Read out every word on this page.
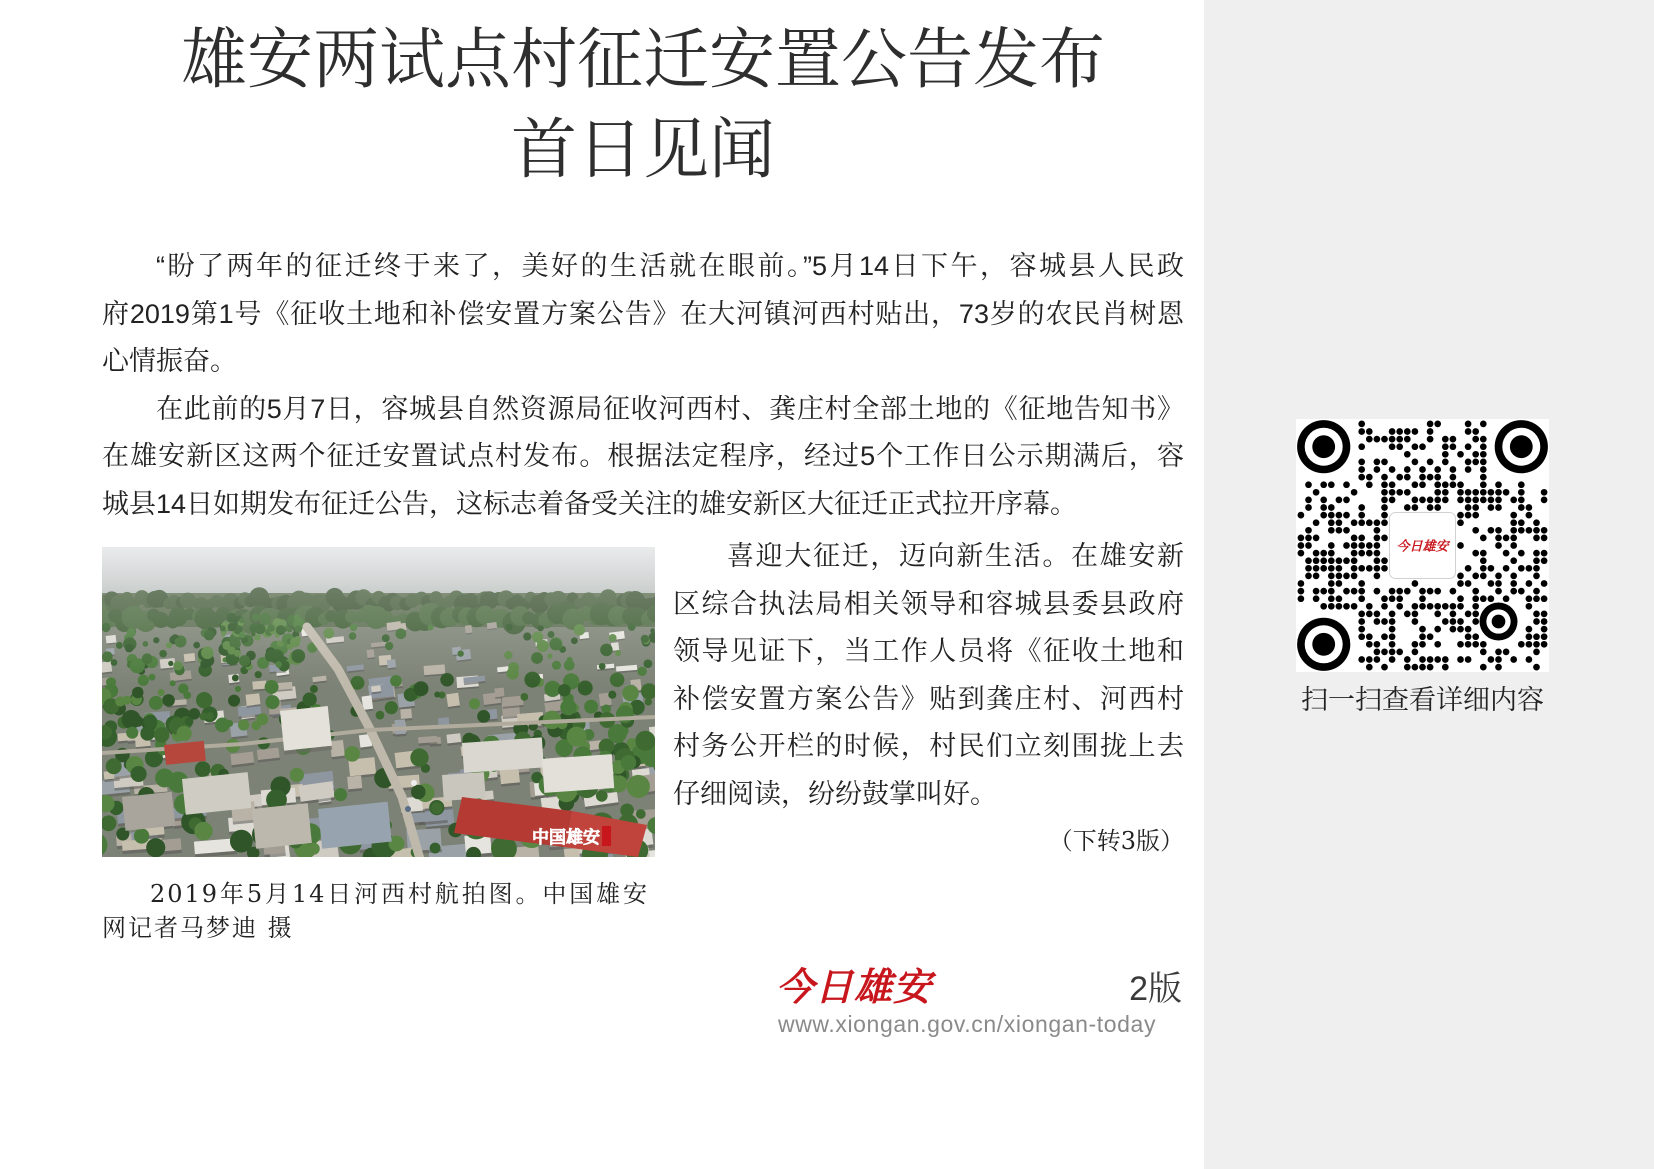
雄安两试点村征迁安置公告发布
首日见闻
“盼了两年的征迁终于来了，美好的生活就在眼前。”5月14日下午，容城县人民政
府2019第1号《征收土地和补偿安置方案公告》在大河镇河西村贴出，73岁的农民肖树恩
心情振奋。
在此前的5月7日，容城县自然资源局征收河西村、龚庄村全部土地的《征地告知书》
在雄安新区这两个征迁安置试点村发布。根据法定程序，经过5个工作日公示期满后，容
城县14日如期发布征迁公告，这标志着备受关注的雄安新区大征迁正式拉开序幕。
中国雄安
喜迎大征迁，迈向新生活。在雄安新
区综合执法局相关领导和容城县委县政府
领导见证下，当工作人员将《征收土地和
补偿安置方案公告》贴到龚庄村、河西村
村务公开栏的时候，村民们立刻围拢上去
仔细阅读，纷纷鼓掌叫好。
（下转3版）
2019年5月14日河西村航拍图。中国雄安
网记者马梦迪 摄
今日雄安	2版
www.xiongan.gov.cn/xiongan-today
今日雄安
扫一扫查看详细内容
